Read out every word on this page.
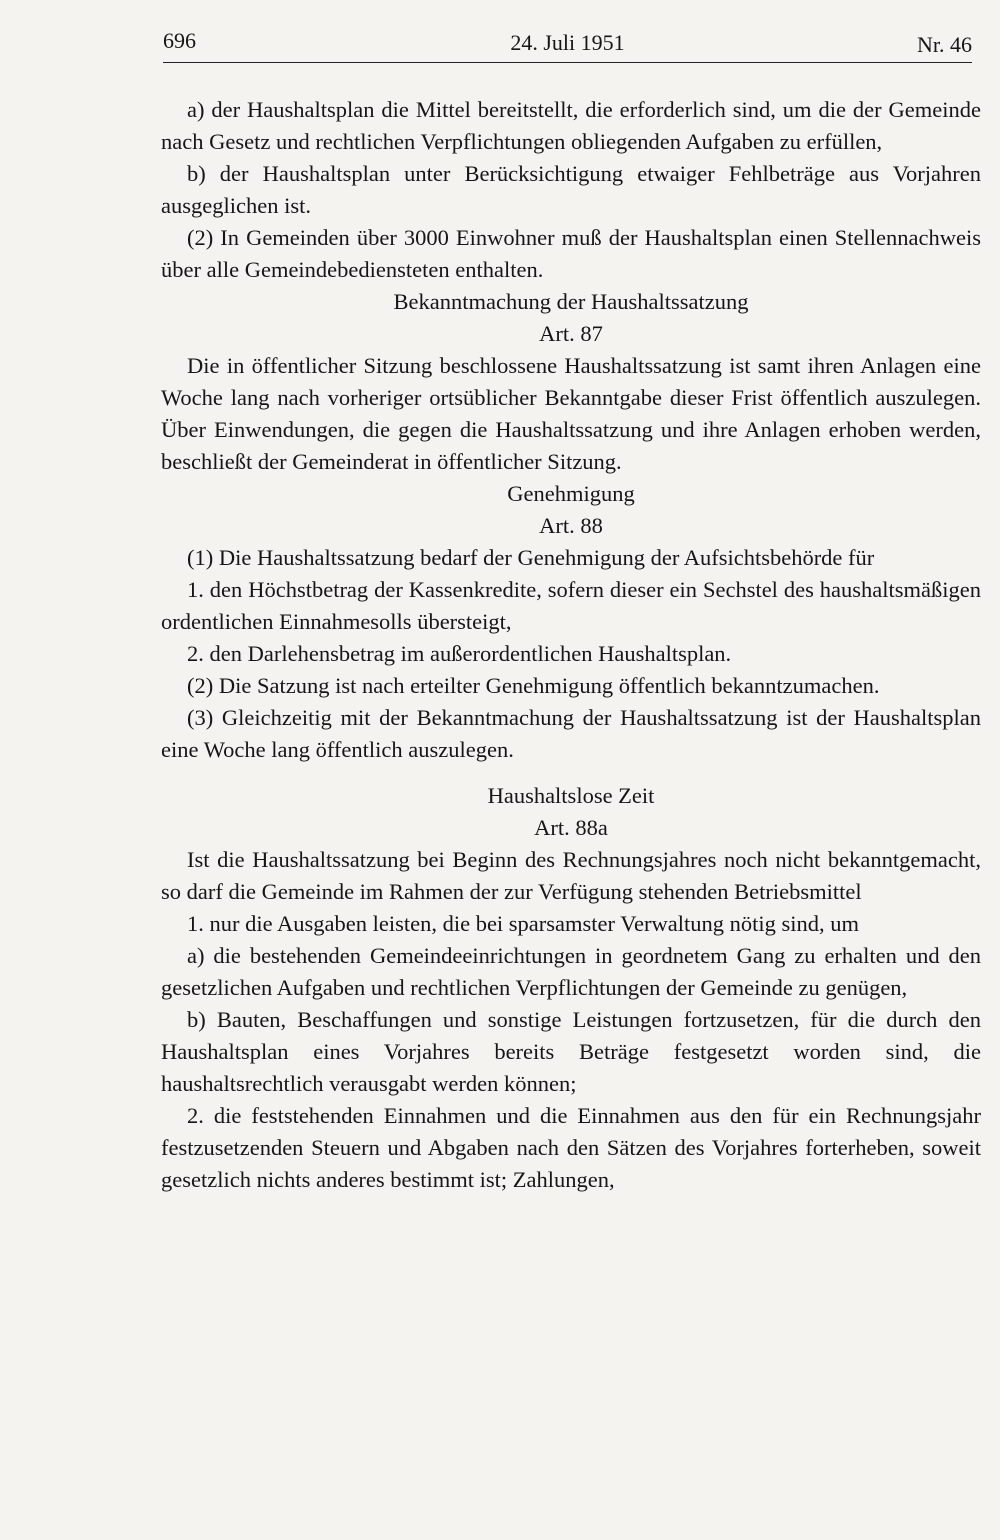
696	24. Juli 1951	Nr. 46

a) der Haushaltsplan die Mittel bereitstellt, die erforderlich sind, um die der Gemeinde nach Gesetz und rechtlichen Verpflichtungen obliegenden Aufgaben zu erfüllen,

b) der Haushaltsplan unter Berücksichtigung etwaiger Fehlbeträge aus Vorjahren ausgeglichen ist.

(2) In Gemeinden über 3000 Einwohner muß der Haushaltsplan einen Stellennachweis über alle Gemeindebediensteten enthalten.

Bekanntmachung der Haushaltssatzung

Art. 87

Die in öffentlicher Sitzung beschlossene Haushaltssatzung ist samt ihren Anlagen eine Woche lang nach vorheriger ortsüblicher Bekanntgabe dieser Frist öffentlich auszulegen. Über Einwendungen, die gegen die Haushaltssatzung und ihre Anlagen erhoben werden, beschließt der Gemeinderat in öffentlicher Sitzung.

Genehmigung

Art. 88

(1) Die Haushaltssatzung bedarf der Genehmigung der Aufsichtsbehörde für

1. den Höchstbetrag der Kassenkredite, sofern dieser ein Sechstel des haushaltsmäßigen ordentlichen Einnahmesolls übersteigt,

2. den Darlehensbetrag im außerordentlichen Haushaltsplan.

(2) Die Satzung ist nach erteilter Genehmigung öffentlich bekanntzumachen.

(3) Gleichzeitig mit der Bekanntmachung der Haushaltssatzung ist der Haushaltsplan eine Woche lang öffentlich auszulegen.

Haushaltslose Zeit

Art. 88a

Ist die Haushaltssatzung bei Beginn des Rechnungsjahres noch nicht bekanntgemacht, so darf die Gemeinde im Rahmen der zur Verfügung stehenden Betriebsmittel

1. nur die Ausgaben leisten, die bei sparsamster Verwaltung nötig sind, um

a) die bestehenden Gemeindeeinrichtungen in geordnetem Gang zu erhalten und den gesetzlichen Aufgaben und rechtlichen Verpflichtungen der Gemeinde zu genügen,

b) Bauten, Beschaffungen und sonstige Leistungen fortzusetzen, für die durch den Haushaltsplan eines Vorjahres bereits Beträge festgesetzt worden sind, die haushaltsrechtlich verausgabt werden können;

2. die feststehenden Einnahmen und die Einnahmen aus den für ein Rechnungsjahr festzusetzenden Steuern und Abgaben nach den Sätzen des Vorjahres forterheben, soweit gesetzlich nichts anderes bestimmt ist; Zahlungen,
